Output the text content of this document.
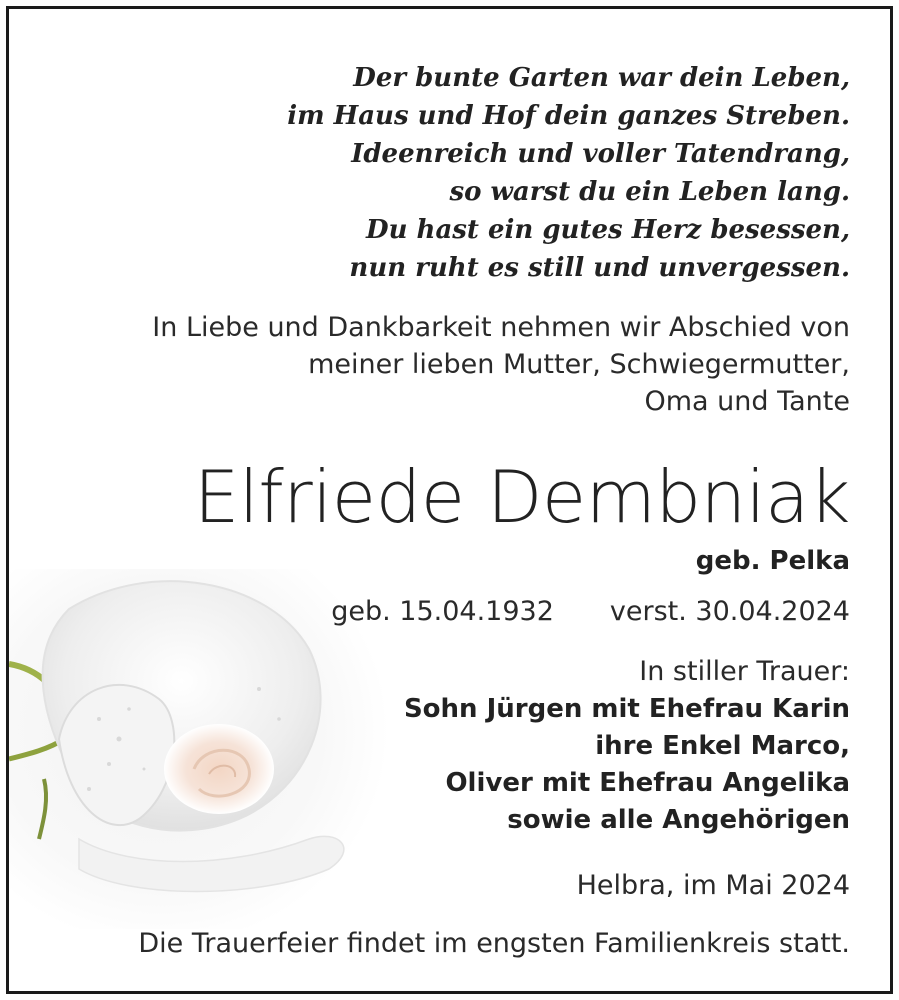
Der bunte Garten war dein Leben,
im Haus und Hof dein ganzes Streben.
Ideenreich und voller Tatendrang,
so warst du ein Leben lang.
Du hast ein gutes Herz besessen,
nun ruht es still und unvergessen.
In Liebe und Dankbarkeit nehmen wir Abschied von
meiner lieben Mutter, Schwiegermutter,
Oma und Tante
Elfriede Dembniak
geb. Pelka
geb. 15.04.1932 verst. 30.04.2024
In stiller Trauer:
Sohn Jürgen mit Ehefrau Karin
ihre Enkel Marco,
Oliver mit Ehefrau Angelika
sowie alle Angehörigen
Helbra, im Mai 2024
Die Trauerfeier findet im engsten Familienkreis statt.
